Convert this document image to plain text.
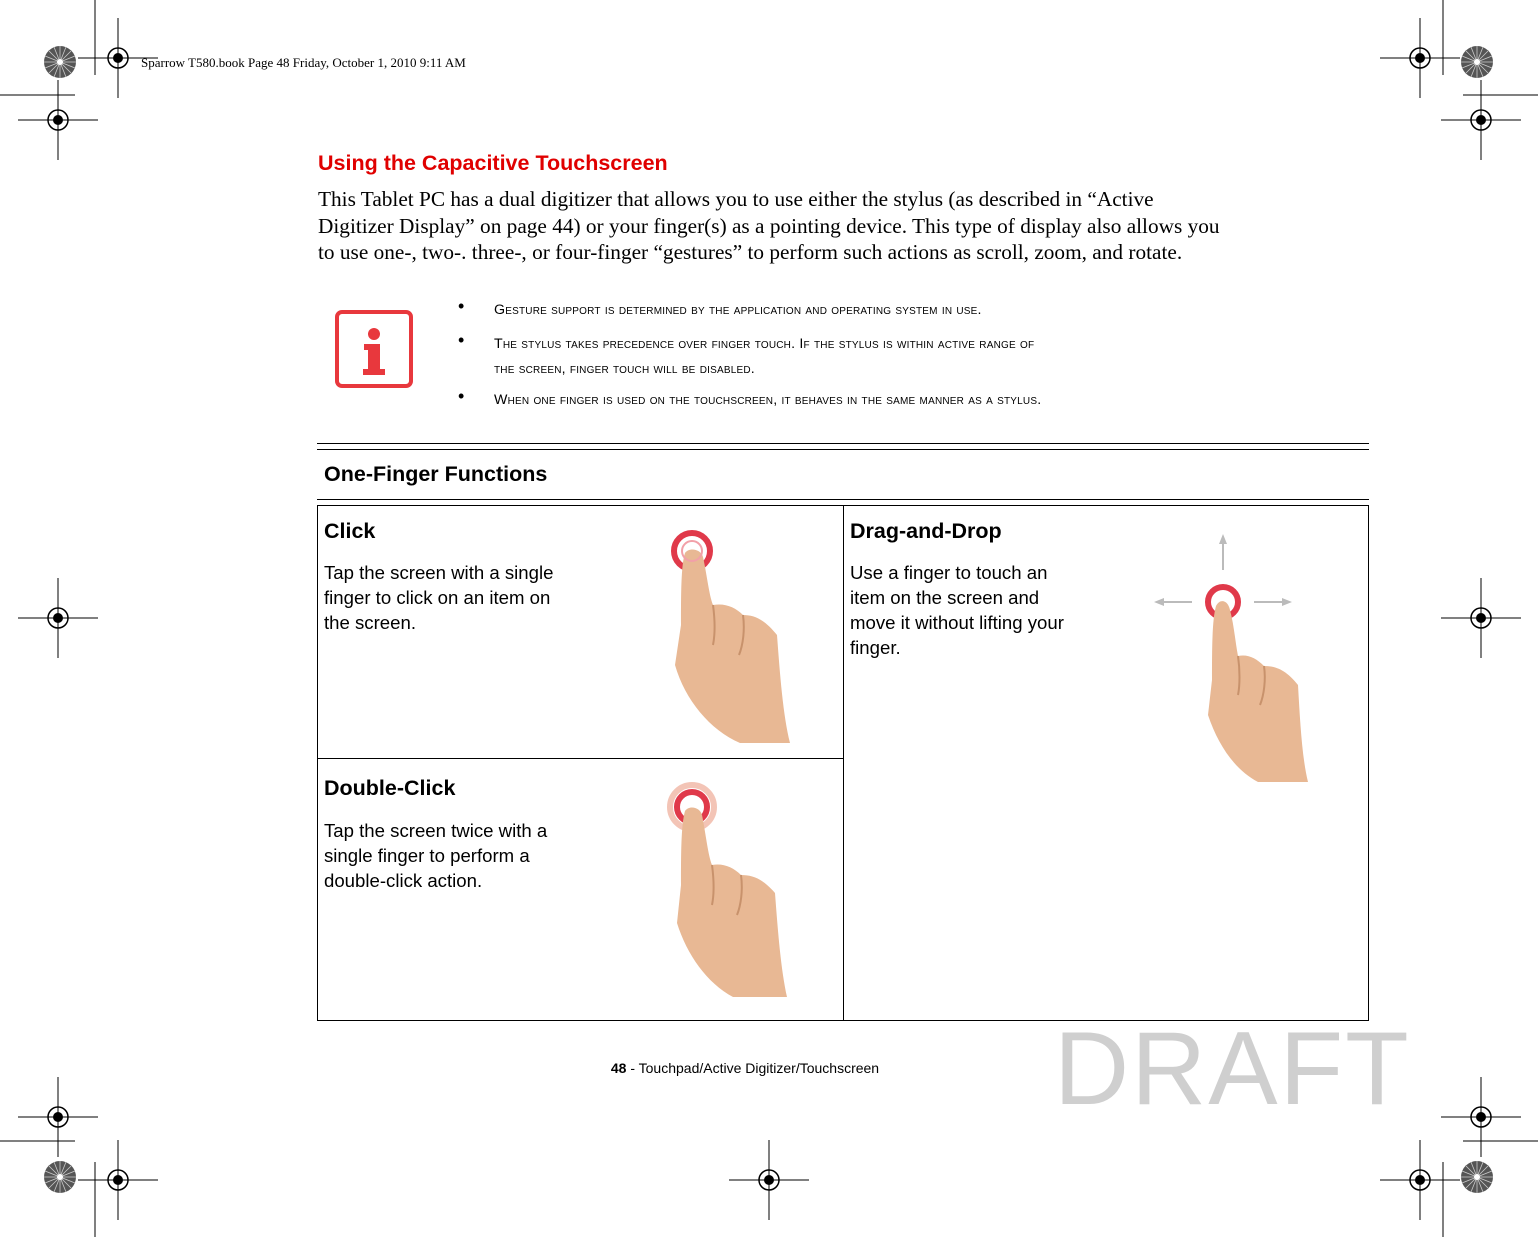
Sparrow T580.book Page 48 Friday, October 1, 2010 9:11 AM
Using the Capacitive Touchscreen

This Tablet PC has a dual digitizer that allows you to use either the stylus (as described in “Active

Digitizer Display” on page 44) or your finger(s) as a pointing device. This type of display also allows you

to use one-, two-. three-, or four-finger “gestures” to perform such actions as scroll, zoom, and rotate.

• Gesture support is determined by the application and operating system in use.
• The stylus takes precedence over finger touch. If the stylus is within active range of
the screen, finger touch will be disabled.
• When one finger is used on the touchscreen, it behaves in the same manner as a stylus.
One-Finger Functions
Click

Tap the screen with a single

finger to click on an item on

the screen.

Double-Click

Tap the screen twice with a

single finger to perform a

double-click action.

Drag-and-Drop

Use a finger to touch an

item on the screen and

move it without lifting your

finger.

48 - Touchpad/Active Digitizer/Touchscreen	DRAFT
